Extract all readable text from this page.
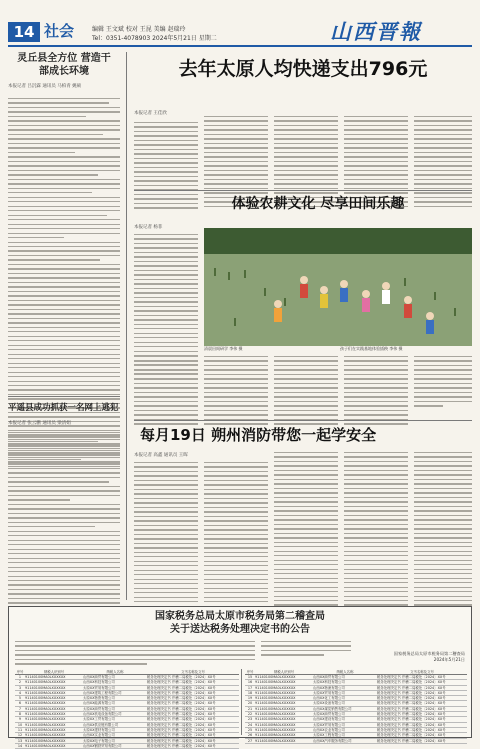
14 社会	编辑 王文斌 校对 王昆 美编 赵瑞玲
Tel：0351-4078903 2024年5月21日 星期二	山西晋報
灵丘县全方位 营造干部成长环境
本报记者 吕沉霖 通讯员 马柏青 姚硕
平遥县成功抓获一名网上逃犯
本报记者 张云鹏 通讯员 梁清娟
去年太原人均快递支出796元
本报记者 王佳欣
体验农耕文化 尽享田间乐趣
本报记者 杨菲
清晨田间研学 李伟 摄	孩子们在实践基地体验插秧 李伟 摄
每月19日 朔州消防带您一起学安全
本报记者 高鑫 通讯员 王晖
国家税务总局太原市税务局第二稽查局
关于送达税务处理决定书的公告
国家税务总局太原市税务局第二稽查局
2024年5月21日
序号	纳税人识别号	纳税人名称	文书名称及文号
1	91140100MA0LXXXXXX	山西XX商贸有限公司	税务处理决定书 并稽二局税处〔2024〕XX号
2	91140100MA0LXXXXXX	山西XX科技有限公司	税务处理决定书 并稽二局税处〔2024〕XX号
3	91140100MA0LXXXXXX	太原XX贸易有限公司	税务处理决定书 并稽二局税处〔2024〕XX号
4	91140100MA0LXXXXXX	山西XX建筑工程有限公司	税务处理决定书 并稽二局税处〔2024〕XX号
5	91140100MA0LXXXXXX	太原XX物资有限公司	税务处理决定书 并稽二局税处〔2024〕XX号
6	91140100MA0LXXXXXX	山西XX能源有限公司	税务处理决定书 并稽二局税处〔2024〕XX号
7	91140100MA0LXXXXXX	太原XX商贸有限公司	税务处理决定书 并稽二局税处〔2024〕XX号
8	91140100MA0LXXXXXX	山西XX机电设备有限公司	税务处理决定书 并稽二局税处〔2024〕XX号
9	91140100MA0LXXXXXX	太原XX工贸有限公司	税务处理决定书 并稽二局税处〔2024〕XX号
10	91140100MA0LXXXXXX	山西XX供应链有限公司	税务处理决定书 并稽二局税处〔2024〕XX号
11	91140100MA0LXXXXXX	太原XX建材有限公司	税务处理决定书 并稽二局税处〔2024〕XX号
12	91140100MA0LXXXXXX	山西XX实业有限公司	税务处理决定书 并稽二局税处〔2024〕XX号
13	91140100MA0LXXXXXX	太原XX电子有限公司	税务处理决定书 并稽二局税处〔2024〕XX号
14	91140100MA0LXXXXXX	山西XX钢铁贸易有限公司	税务处理决定书 并稽二局税处〔2024〕XX号
序号	纳税人识别号	纳税人名称	文书名称及文号
15	91140100MA0LXXXXXX	山西XX商贸有限公司	税务处理决定书 并稽二局税处〔2024〕XX号
16	91140100MA0LXXXXXX	太原XX科技有限公司	税务处理决定书 并稽二局税处〔2024〕XX号
17	91140100MA0LXXXXXX	山西XX物流有限公司	税务处理决定书 并稽二局税处〔2024〕XX号
18	91140100MA0LXXXXXX	太原XX贸易有限公司	税务处理决定书 并稽二局税处〔2024〕XX号
19	91140100MA0LXXXXXX	山西XX化工有限公司	税务处理决定书 并稽二局税处〔2024〕XX号
20	91140100MA0LXXXXXX	太原XX设备有限公司	税务处理决定书 并稽二局税处〔2024〕XX号
21	91140100MA0LXXXXXX	山西XX煤炭销售有限公司	税务处理决定书 并稽二局税处〔2024〕XX号
22	91140100MA0LXXXXXX	太原XX商贸有限公司	税务处理决定书 并稽二局税处〔2024〕XX号
23	91140100MA0LXXXXXX	山西XX建设有限公司	税务处理决定书 并稽二局税处〔2024〕XX号
24	91140100MA0LXXXXXX	太原XX贸易有限公司	税务处理决定书 并稽二局税处〔2024〕XX号
25	91140100MA0LXXXXXX	山西XX农业有限公司	税务处理决定书 并稽二局税处〔2024〕XX号
26	91140100MA0LXXXXXX	太原XX工程有限公司	税务处理决定书 并稽二局税处〔2024〕XX号
27	91140100MA0LXXXXXX	山西XX汽车服务有限公司	税务处理决定书 并稽二局税处〔2024〕XX号
